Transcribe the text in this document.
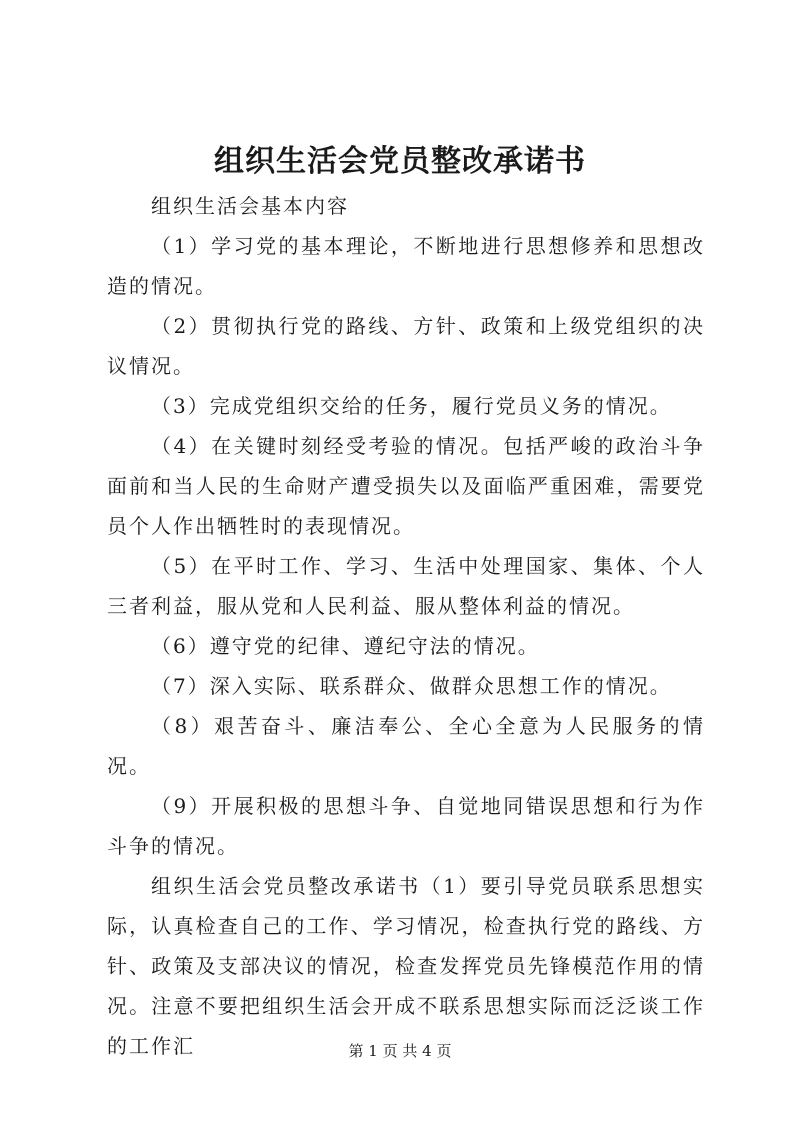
组织生活会党员整改承诺书

组织生活会基本内容

（1）学习党的基本理论，不断地进行思想修养和思想改造的情况。

（2）贯彻执行党的路线、方针、政策和上级党组织的决议情况。

（3）完成党组织交给的任务，履行党员义务的情况。

（4）在关键时刻经受考验的情况。包括严峻的政治斗争面前和当人民的生命财产遭受损失以及面临严重困难，需要党员个人作出牺牲时的表现情况。

（5）在平时工作、学习、生活中处理国家、集体、个人三者利益，服从党和人民利益、服从整体利益的情况。

（6）遵守党的纪律、遵纪守法的情况。

（7）深入实际、联系群众、做群众思想工作的情况。

（8）艰苦奋斗、廉洁奉公、全心全意为人民服务的情况。

（9）开展积极的思想斗争、自觉地同错误思想和行为作斗争的情况。

组织生活会党员整改承诺书（1）要引导党员联系思想实际，认真检查自己的工作、学习情况，检查执行党的路线、方针、政策及支部决议的情况，检查发挥党员先锋模范作用的情况。注意不要把组织生活会开成不联系思想实际而泛泛谈工作的工作汇	第 1 页 共 4 页
